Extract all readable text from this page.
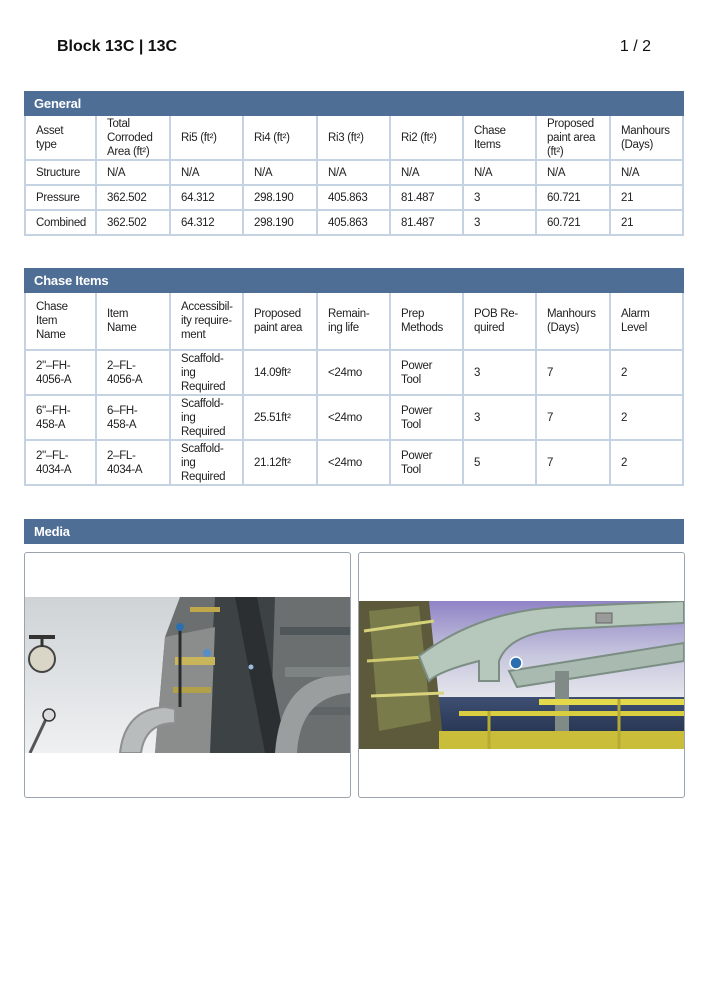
Block 13C | 13C	1 / 2
General
Asset type	Total Corroded Area (ft²)	Ri5 (ft²)	Ri4 (ft²)	Ri3 (ft²)	Ri2 (ft²)	Chase Items	Proposed paint area (ft²)	Manhours (Days)
Structure	N/A	N/A	N/A	N/A	N/A	N/A	N/A	N/A
Pressure	362.502	64.312	298.190	405.863	81.487	3	60.721	21
Combined	362.502	64.312	298.190	405.863	81.487	3	60.721	21
Chase Items
Chase Item Name	Item Name	Accessibil-ity require-ment	Proposed paint area	Remain-ing life	Prep Methods	POB Re-quired	Manhours (Days)	Alarm Level
2"–FH-4056-A	2–FL-4056-A	Scaffold-ing Required	14.09ft²	<24mo	Power Tool	3	7	2
6"–FH-458-A	6–FH-458-A	Scaffold-ing Required	25.51ft²	<24mo	Power Tool	3	7	2
2"–FL-4034-A	2–FL-4034-A	Scaffold-ing Required	21.12ft²	<24mo	Power Tool	5	7	2
Media
